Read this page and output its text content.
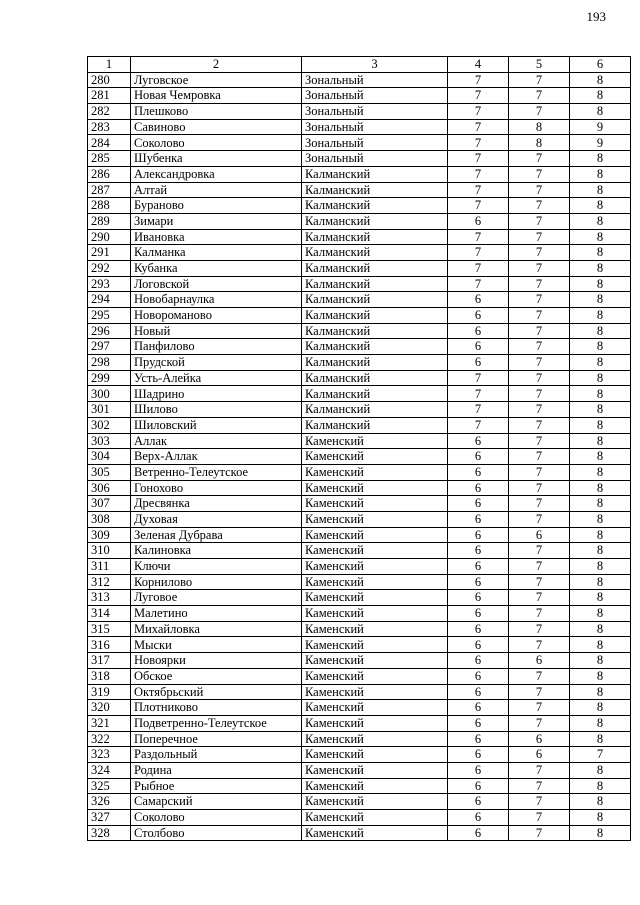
193
1	2	3	4	5	6
280	Луговское	Зональный	7	7	8
281	Новая Чемровка	Зональный	7	7	8
282	Плешково	Зональный	7	7	8
283	Савиново	Зональный	7	8	9
284	Соколово	Зональный	7	8	9
285	Шубенка	Зональный	7	7	8
286	Александровка	Калманский	7	7	8
287	Алтай	Калманский	7	7	8
288	Бураново	Калманский	7	7	8
289	Зимари	Калманский	6	7	8
290	Ивановка	Калманский	7	7	8
291	Калманка	Калманский	7	7	8
292	Кубанка	Калманский	7	7	8
293	Логовской	Калманский	7	7	8
294	Новобарнаулка	Калманский	6	7	8
295	Новороманово	Калманский	6	7	8
296	Новый	Калманский	6	7	8
297	Панфилово	Калманский	6	7	8
298	Прудской	Калманский	6	7	8
299	Усть-Алейка	Калманский	7	7	8
300	Шадрино	Калманский	7	7	8
301	Шилово	Калманский	7	7	8
302	Шиловский	Калманский	7	7	8
303	Аллак	Каменский	6	7	8
304	Верх-Аллак	Каменский	6	7	8
305	Ветренно-Телеутское	Каменский	6	7	8
306	Гонохово	Каменский	6	7	8
307	Дресвянка	Каменский	6	7	8
308	Духовая	Каменский	6	7	8
309	Зеленая Дубрава	Каменский	6	6	8
310	Калиновка	Каменский	6	7	8
311	Ключи	Каменский	6	7	8
312	Корнилово	Каменский	6	7	8
313	Луговое	Каменский	6	7	8
314	Малетино	Каменский	6	7	8
315	Михайловка	Каменский	6	7	8
316	Мыски	Каменский	6	7	8
317	Новоярки	Каменский	6	6	8
318	Обское	Каменский	6	7	8
319	Октябрьский	Каменский	6	7	8
320	Плотниково	Каменский	6	7	8
321	Подветренно-Телеутское	Каменский	6	7	8
322	Поперечное	Каменский	6	6	8
323	Раздольный	Каменский	6	6	7
324	Родина	Каменский	6	7	8
325	Рыбное	Каменский	6	7	8
326	Самарский	Каменский	6	7	8
327	Соколово	Каменский	6	7	8
328	Столбово	Каменский	6	7	8
